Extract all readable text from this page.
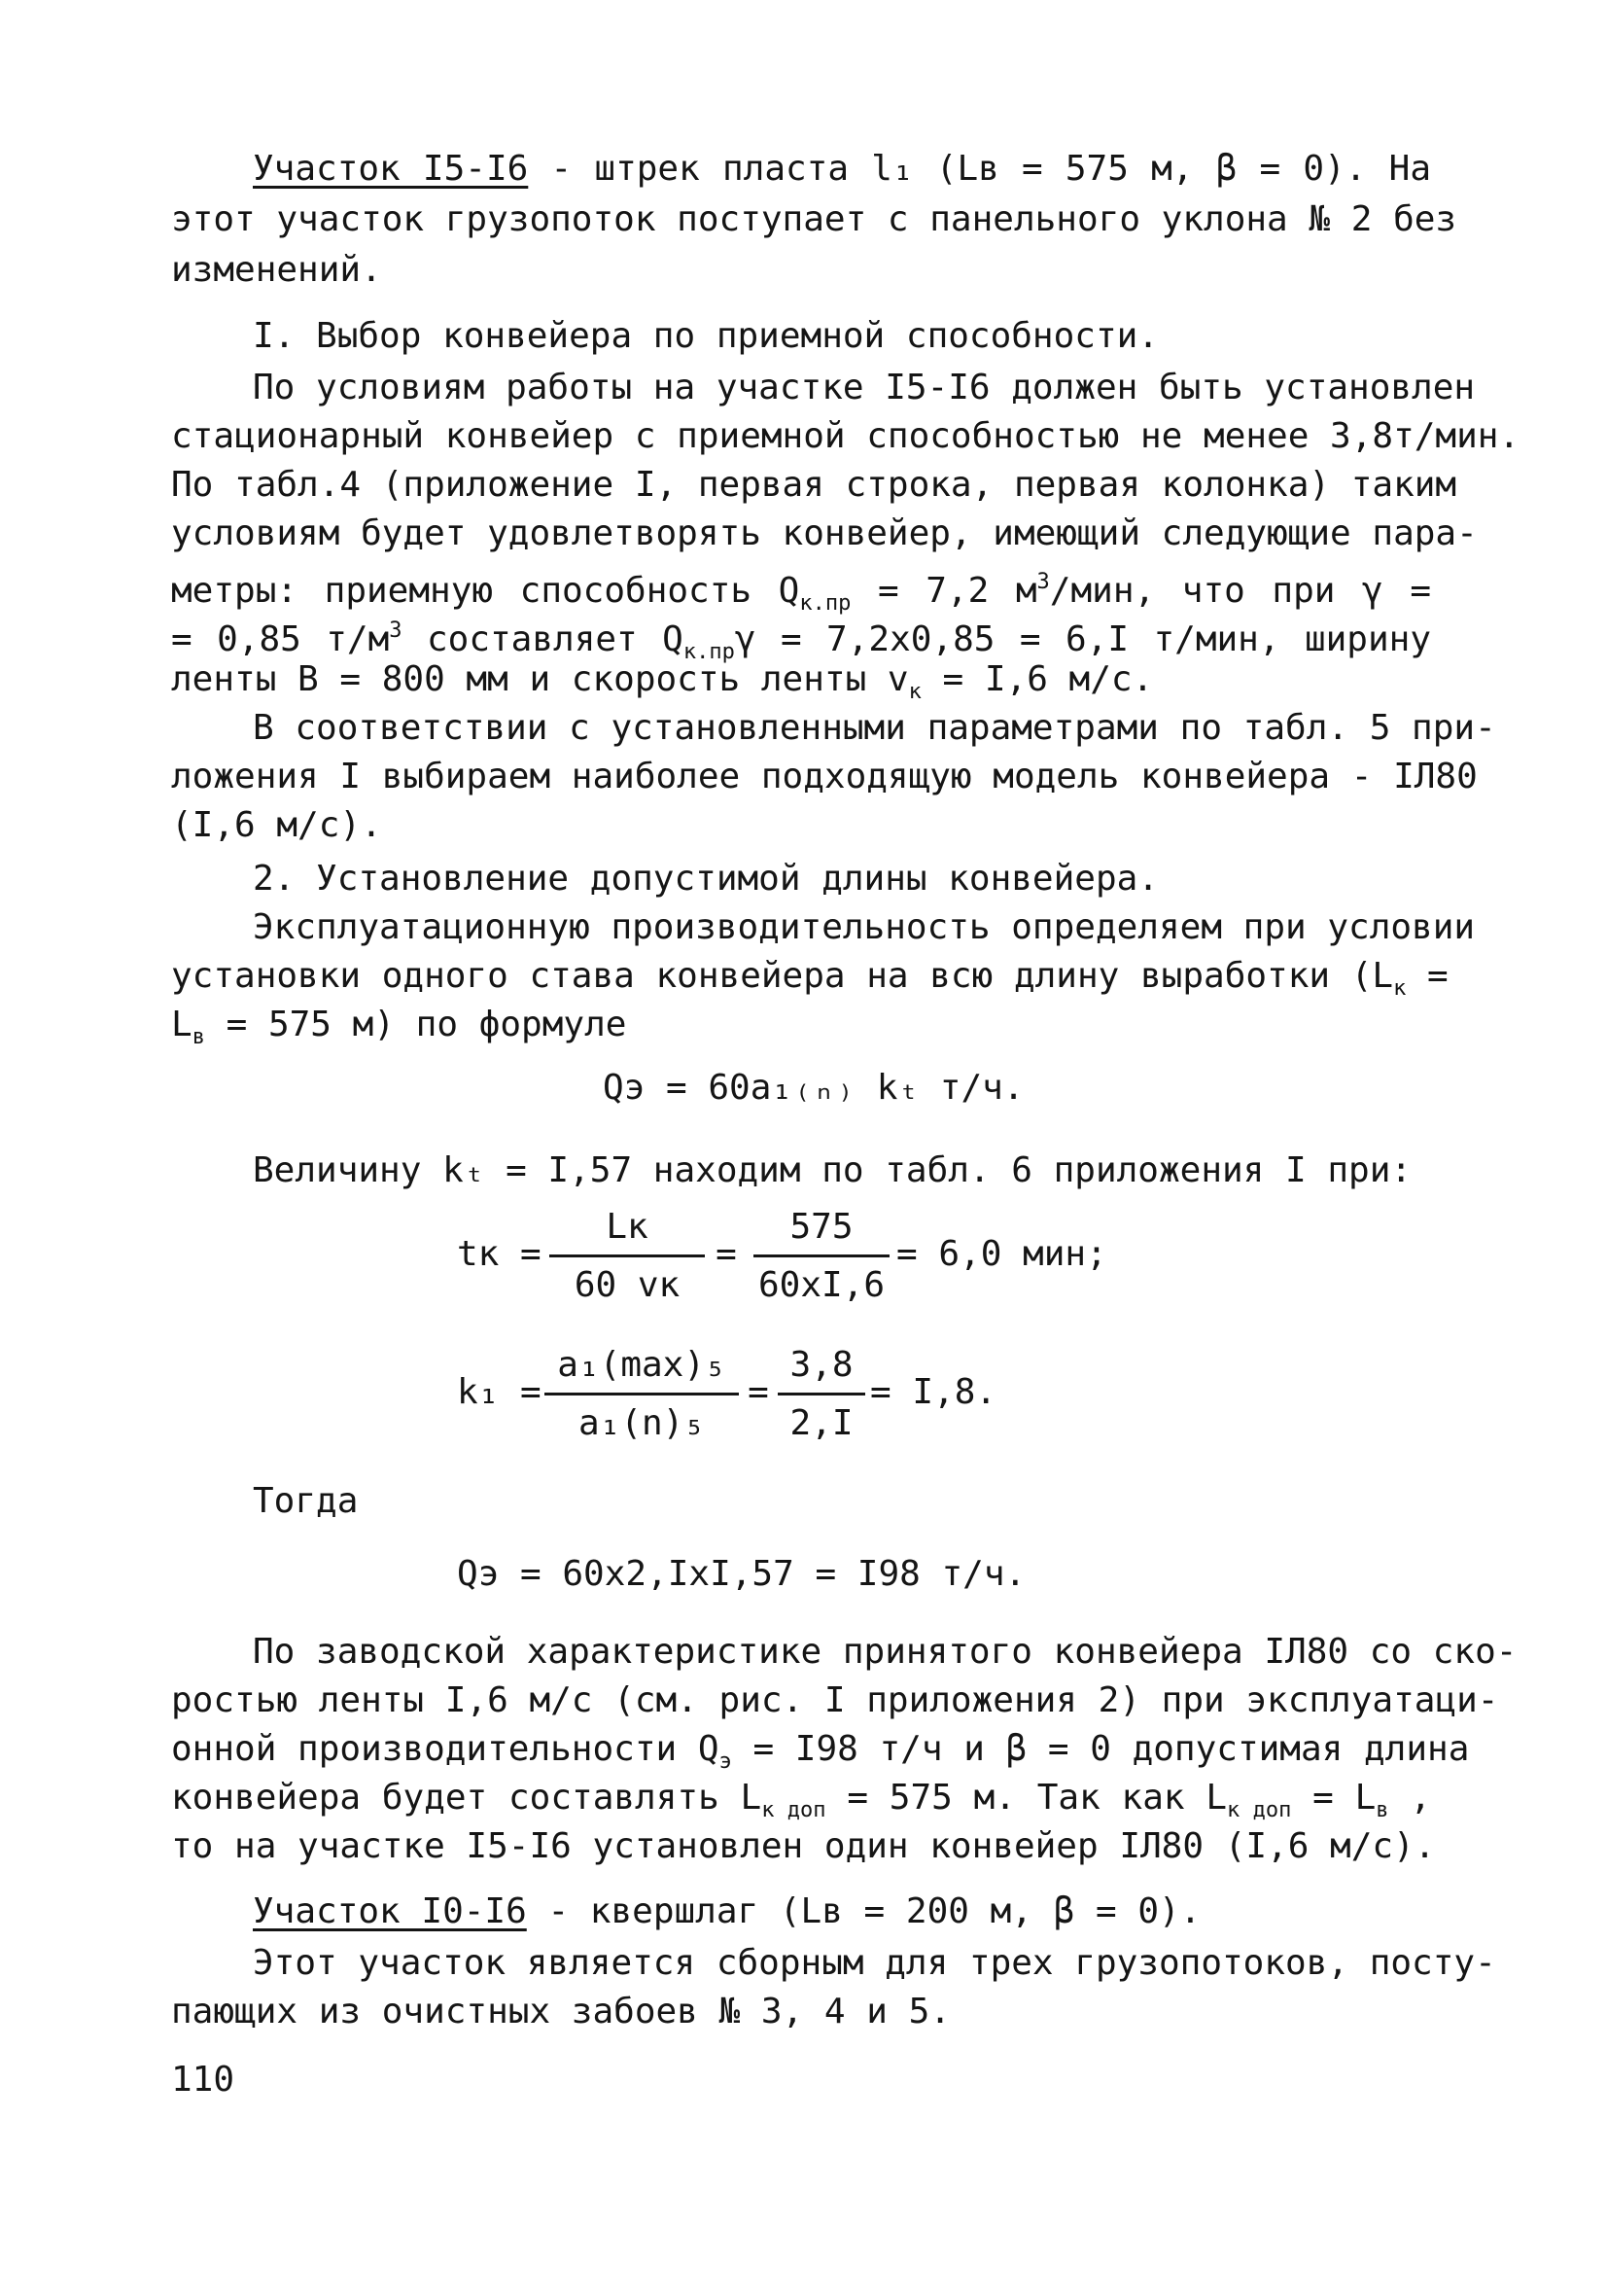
Участок I5-I6 - штрек пласта l₁ (Lв = 575 м, β = 0). На
этот участок грузопоток поступает с панельного уклона № 2 без
изменений.
I. Выбор конвейера по приемной способности.
По условиям работы на участке I5-I6 должен быть установлен
стационарный конвейер с приемной способностью не менее 3,8т/мин.
По табл.4 (приложение I, первая строка, первая колонка) таким
условиям будет удовлетворять конвейер, имеющий следующие пара-
метры: приемную способность $Q_{к.пр} = 7,2$ $м^3$/мин, что при γ =
= 0,85 $т/м^3$ составляет $Q_{к.пр}\gamma = 7,2х0,85 = 6,I$ т/мин, ширину
ленты B = 800 мм и скорость ленты $v_к = I,6$ м/с.
В соответствии с установленными параметрами по табл. 5 при-
ложения I выбираем наиболее подходящую модель конвейера - IЛ80
(I,6 м/с).
2. Установление допустимой длины конвейера.
Эксплуатационную производительность определяем при условии
установки одного става конвейера на всю длину выработки ($L_к$ =
$L_в = 575$ м) по формуле
Qэ = 60a₁₍ₙ₎ kₜ т/ч.
Величину kₜ = I,57 находим по табл. 6 приложения I при:
tк =
Lк
60 vк
=
575
60хI,6
= 6,0 мин;
k₁ =
a₁(max)₅
a₁(n)₅
=
3,8
2,I
= I,8.
Тогда
Qэ = 60х2,IхI,57 = I98 т/ч.
По заводской характеристике принятого конвейера IЛ80 со ско-
ростью ленты I,6 м/с (см. рис. I приложения 2) при эксплуатаци-
онной производительности $Q_э = I98$ т/ч и β = 0 допустимая длина
конвейера будет составлять $L_{к доп} = 575$ м. Так как $L_{к доп} = L_в$ ,
то на участке I5-I6 установлен один конвейер IЛ80 (I,6 м/с).
Участок I0-I6 - квершлаг (Lв = 200 м, β = 0).
Этот участок является сборным для трех грузопотоков, посту-
пающих из очистных забоев № 3, 4 и 5.
110
